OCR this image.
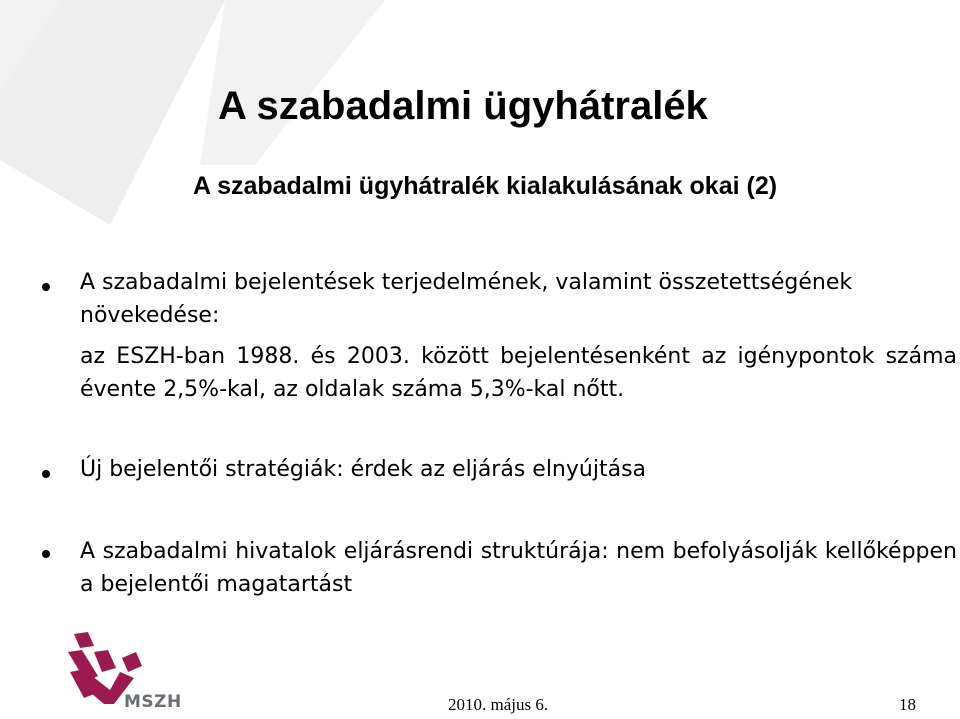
A szabadalmi ügyhátralék
A szabadalmi ügyhátralék kialakulásának okai (2)

A szabadalmi bejelentések terjedelmének, valamint összetettségének növekedése:

az ESZH-ban 1988. és 2003. között bejelentésenként az igénypontok száma évente 2,5%-kal, az oldalak száma 5,3%-kal nőtt.

Új bejelentői stratégiák: érdek az eljárás elnyújtása

A szabadalmi hivatalok eljárásrendi struktúrája: nem befolyásolják kellőképpen a bejelentői magatartást

MSZH	2010. május 6.	18
